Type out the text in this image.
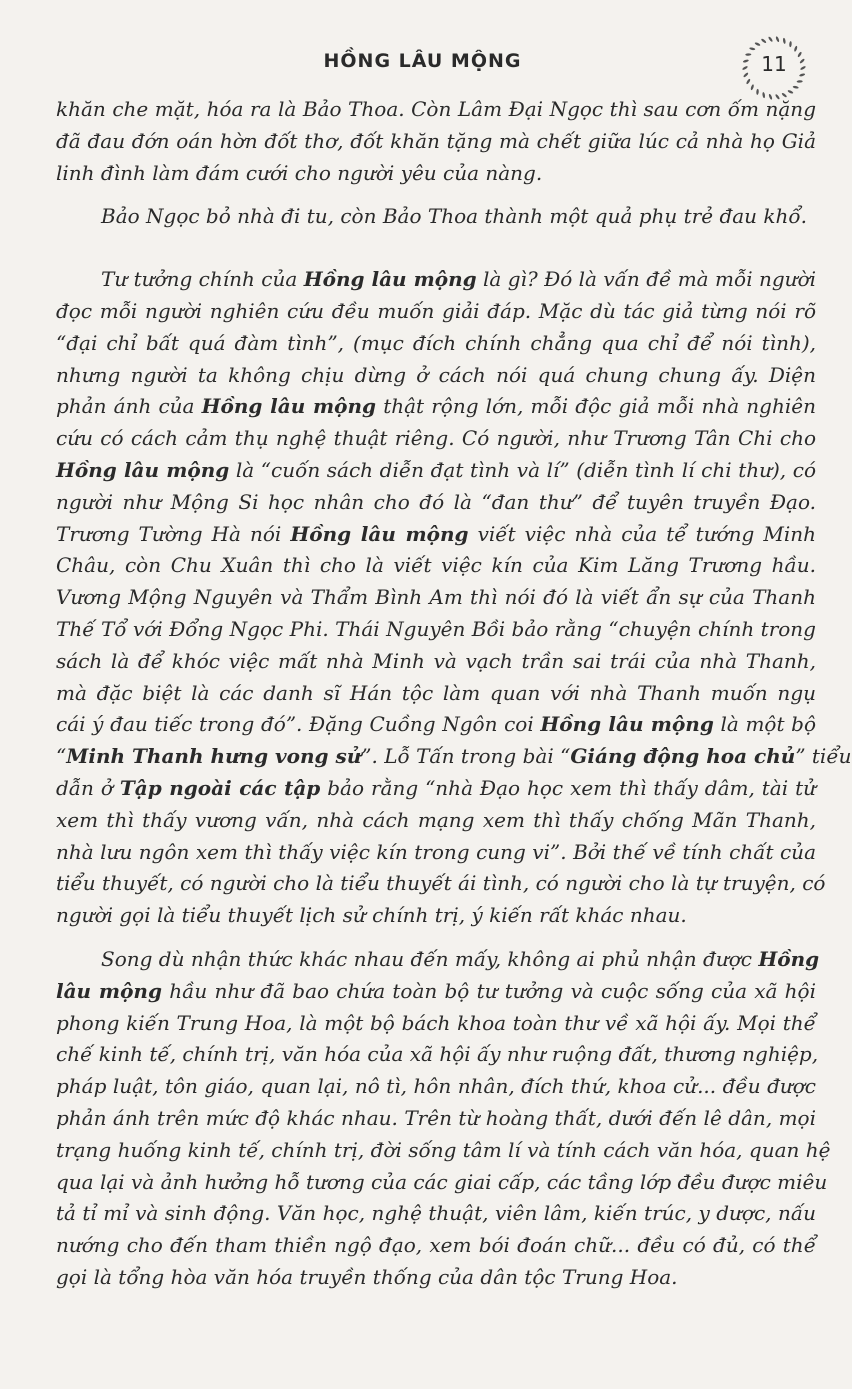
HỒNG LÂU MỘNG	11
khăn che mặt, hóa ra là Bảo Thoa. Còn Lâm Đại Ngọc thì sau cơn ốm nặng
đã đau đớn oán hờn đốt thơ, đốt khăn tặng mà chết giữa lúc cả nhà họ Giả
linh đình làm đám cưới cho người yêu của nàng.
Bảo Ngọc bỏ nhà đi tu, còn Bảo Thoa thành một quả phụ trẻ đau khổ.
Tư tưởng chính của Hồng lâu mộng là gì? Đó là vấn đề mà mỗi người
đọc mỗi người nghiên cứu đều muốn giải đáp. Mặc dù tác giả từng nói rõ
“đại chỉ bất quá đàm tình”, (mục đích chính chẳng qua chỉ để nói tình),
nhưng người ta không chịu dừng ở cách nói quá chung chung ấy. Diện
phản ánh của Hồng lâu mộng thật rộng lớn, mỗi độc giả mỗi nhà nghiên
cứu có cách cảm thụ nghệ thuật riêng. Có người, như Trương Tân Chi cho
Hồng lâu mộng là “cuốn sách diễn đạt tình và lí” (diễn tình lí chi thư), có
người như Mộng Si học nhân cho đó là “đan thư” để tuyên truyền Đạo.
Trương Tường Hà nói Hồng lâu mộng viết việc nhà của tể tướng Minh
Châu, còn Chu Xuân thì cho là viết việc kín của Kim Lăng Trương hầu.
Vương Mộng Nguyên và Thẩm Bình Am thì nói đó là viết ẩn sự của Thanh
Thế Tổ với Đổng Ngọc Phi. Thái Nguyên Bồi bảo rằng “chuyện chính trong
sách là để khóc việc mất nhà Minh và vạch trần sai trái của nhà Thanh,
mà đặc biệt là các danh sĩ Hán tộc làm quan với nhà Thanh muốn ngụ
cái ý đau tiếc trong đó”. Đặng Cuồng Ngôn coi Hồng lâu mộng là một bộ
“Minh Thanh hưng vong sử”. Lỗ Tấn trong bài “Giáng động hoa chủ” tiểu
dẫn ở Tập ngoài các tập bảo rằng “nhà Đạo học xem thì thấy dâm, tài tử
xem thì thấy vương vấn, nhà cách mạng xem thì thấy chống Mãn Thanh,
nhà lưu ngôn xem thì thấy việc kín trong cung vi”. Bởi thế về tính chất của
tiểu thuyết, có người cho là tiểu thuyết ái tình, có người cho là tự truyện, có
người gọi là tiểu thuyết lịch sử chính trị, ý kiến rất khác nhau.
Song dù nhận thức khác nhau đến mấy, không ai phủ nhận được Hồng
lâu mộng hầu như đã bao chứa toàn bộ tư tưởng và cuộc sống của xã hội
phong kiến Trung Hoa, là một bộ bách khoa toàn thư về xã hội ấy. Mọi thể
chế kinh tế, chính trị, văn hóa của xã hội ấy như ruộng đất, thương nghiệp,
pháp luật, tôn giáo, quan lại, nô tì, hôn nhân, đích thứ, khoa cử... đều được
phản ánh trên mức độ khác nhau. Trên từ hoàng thất, dưới đến lê dân, mọi
trạng huống kinh tế, chính trị, đời sống tâm lí và tính cách văn hóa, quan hệ
qua lại và ảnh hưởng hỗ tương của các giai cấp, các tầng lớp đều được miêu
tả tỉ mỉ và sinh động. Văn học, nghệ thuật, viên lâm, kiến trúc, y dược, nấu
nướng cho đến tham thiền ngộ đạo, xem bói đoán chữ... đều có đủ, có thể
gọi là tổng hòa văn hóa truyền thống của dân tộc Trung Hoa.
